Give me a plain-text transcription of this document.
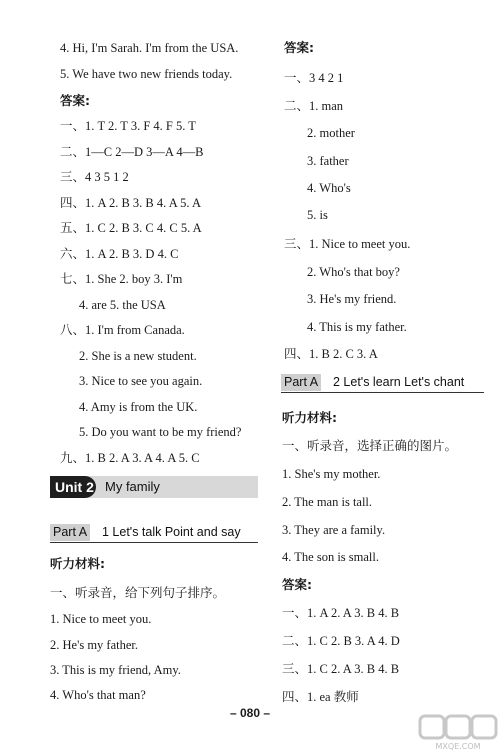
4. Hi, I'm Sarah. I'm from the USA.
5. We have two new friends today.
答案:
一、1. T 2. T 3. F 4. F 5. T
二、1—C 2—D 3—A 4—B
三、4 3 5 1 2
四、1. A 2. B 3. B 4. A 5. A
五、1. C 2. B 3. C 4. C 5. A
六、1. A 2. B 3. D 4. C
七、1. She 2. boy 3. I'm
4. are 5. the USA
八、1. I'm from Canada.
2. She is a new student.
3. Nice to see you again.
4. Amy is from the UK.
5. Do you want to be my friend?
九、1. B 2. A 3. A 4. A 5. C
Unit 2 My family
Part A 1 Let's talk Point and say
听力材料:
一、听录音，给下列句子排序。
1. Nice to meet you.
2. He's my father.
3. This is my friend, Amy.
4. Who's that man?
答案:
一、3 4 2 1
二、1. man
2. mother
3. father
4. Who's
5. is
三、1. Nice to meet you.
2. Who's that boy?
3. He's my friend.
4. This is my father.
四、1. B 2. C 3. A
Part A 2 Let's learn Let's chant
听力材料:
一、听录音，选择正确的图片。
1. She's my mother.
2. The man is tall.
3. They are a family.
4. The son is small.
答案:
一、1. A 2. A 3. B 4. B
二、1. C 2. B 3. A 4. D
三、1. C 2. A 3. B 4. B
四、1. ea 教师
– 080 –
MXQE.COM
